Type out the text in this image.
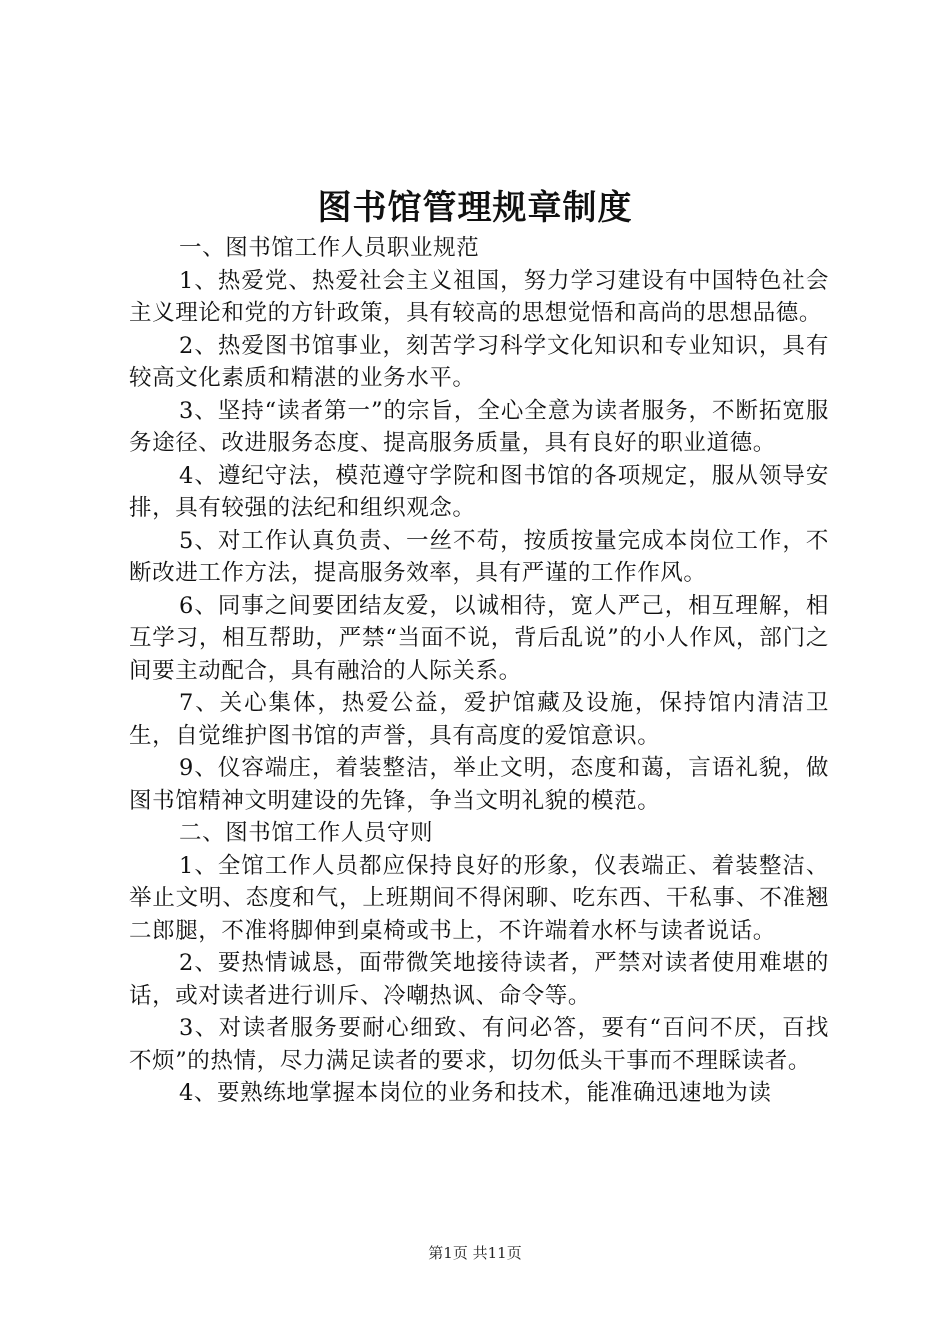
图书馆管理规章制度

一、图书馆工作人员职业规范

1、热爱党、热爱社会主义祖国，努力学习建设有中国特色社会主义理论和党的方针政策，具有较高的思想觉悟和高尚的思想品德。

2、热爱图书馆事业，刻苦学习科学文化知识和专业知识，具有较高文化素质和精湛的业务水平。

3、坚持“读者第一”的宗旨，全心全意为读者服务，不断拓宽服务途径、改进服务态度、提高服务质量，具有良好的职业道德。

4、遵纪守法，模范遵守学院和图书馆的各项规定，服从领导安排，具有较强的法纪和组织观念。

5、对工作认真负责、一丝不苟，按质按量完成本岗位工作，不断改进工作方法，提高服务效率，具有严谨的工作作风。

6、同事之间要团结友爱，以诚相待，宽人严己，相互理解，相互学习，相互帮助，严禁“当面不说，背后乱说”的小人作风，部门之间要主动配合，具有融洽的人际关系。

7、关心集体，热爱公益，爱护馆藏及设施，保持馆内清洁卫生，自觉维护图书馆的声誉，具有高度的爱馆意识。

9、仪容端庄，着装整洁，举止文明，态度和蔼，言语礼貌，做图书馆精神文明建设的先锋，争当文明礼貌的模范。

二、图书馆工作人员守则

1、全馆工作人员都应保持良好的形象，仪表端正、着装整洁、举止文明、态度和气，上班期间不得闲聊、吃东西、干私事、不准翘二郎腿，不准将脚伸到桌椅或书上，不许端着水杯与读者说话。

2、要热情诚恳，面带微笑地接待读者，严禁对读者使用难堪的话，或对读者进行训斥、冷嘲热讽、命令等。

3、对读者服务要耐心细致、有问必答，要有“百问不厌，百找不烦”的热情，尽力满足读者的要求，切勿低头干事而不理睬读者。

4、要熟练地掌握本岗位的业务和技术，能准确迅速地为读

第1页 共11页
